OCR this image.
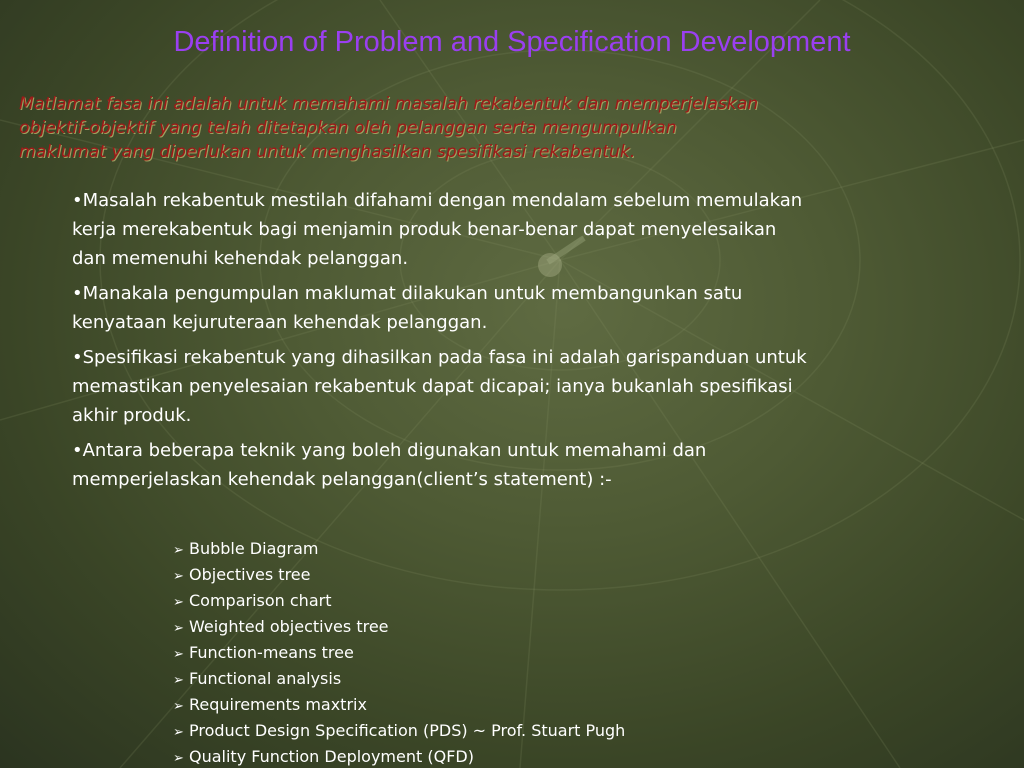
Definition of Problem and Specification Development
Matlamat fasa ini adalah untuk memahami masalah rekabentuk dan memperjelaskan
objektif-objektif yang telah ditetapkan oleh pelanggan serta mengumpulkan
maklumat yang diperlukan untuk menghasilkan spesifikasi rekabentuk.
•Masalah rekabentuk mestilah difahami dengan mendalam sebelum memulakan
kerja merekabentuk bagi menjamin produk benar-benar dapat menyelesaikan
dan memenuhi kehendak pelanggan.
•Manakala pengumpulan maklumat dilakukan untuk membangunkan satu
kenyataan kejuruteraan kehendak pelanggan.
•Spesifikasi rekabentuk yang dihasilkan pada fasa ini adalah garispanduan untuk
memastikan penyelesaian rekabentuk dapat dicapai; ianya bukanlah spesifikasi
akhir produk.
•Antara beberapa teknik yang boleh digunakan untuk memahami dan
memperjelaskan kehendak pelanggan(client’s statement) :-
➢ Bubble Diagram
➢ Objectives tree
➢ Comparison chart
➢ Weighted objectives tree
➢ Function-means tree
➢ Functional analysis
➢ Requirements maxtrix
➢ Product Design Specification (PDS) ~ Prof. Stuart Pugh
➢ Quality Function Deployment (QFD)
